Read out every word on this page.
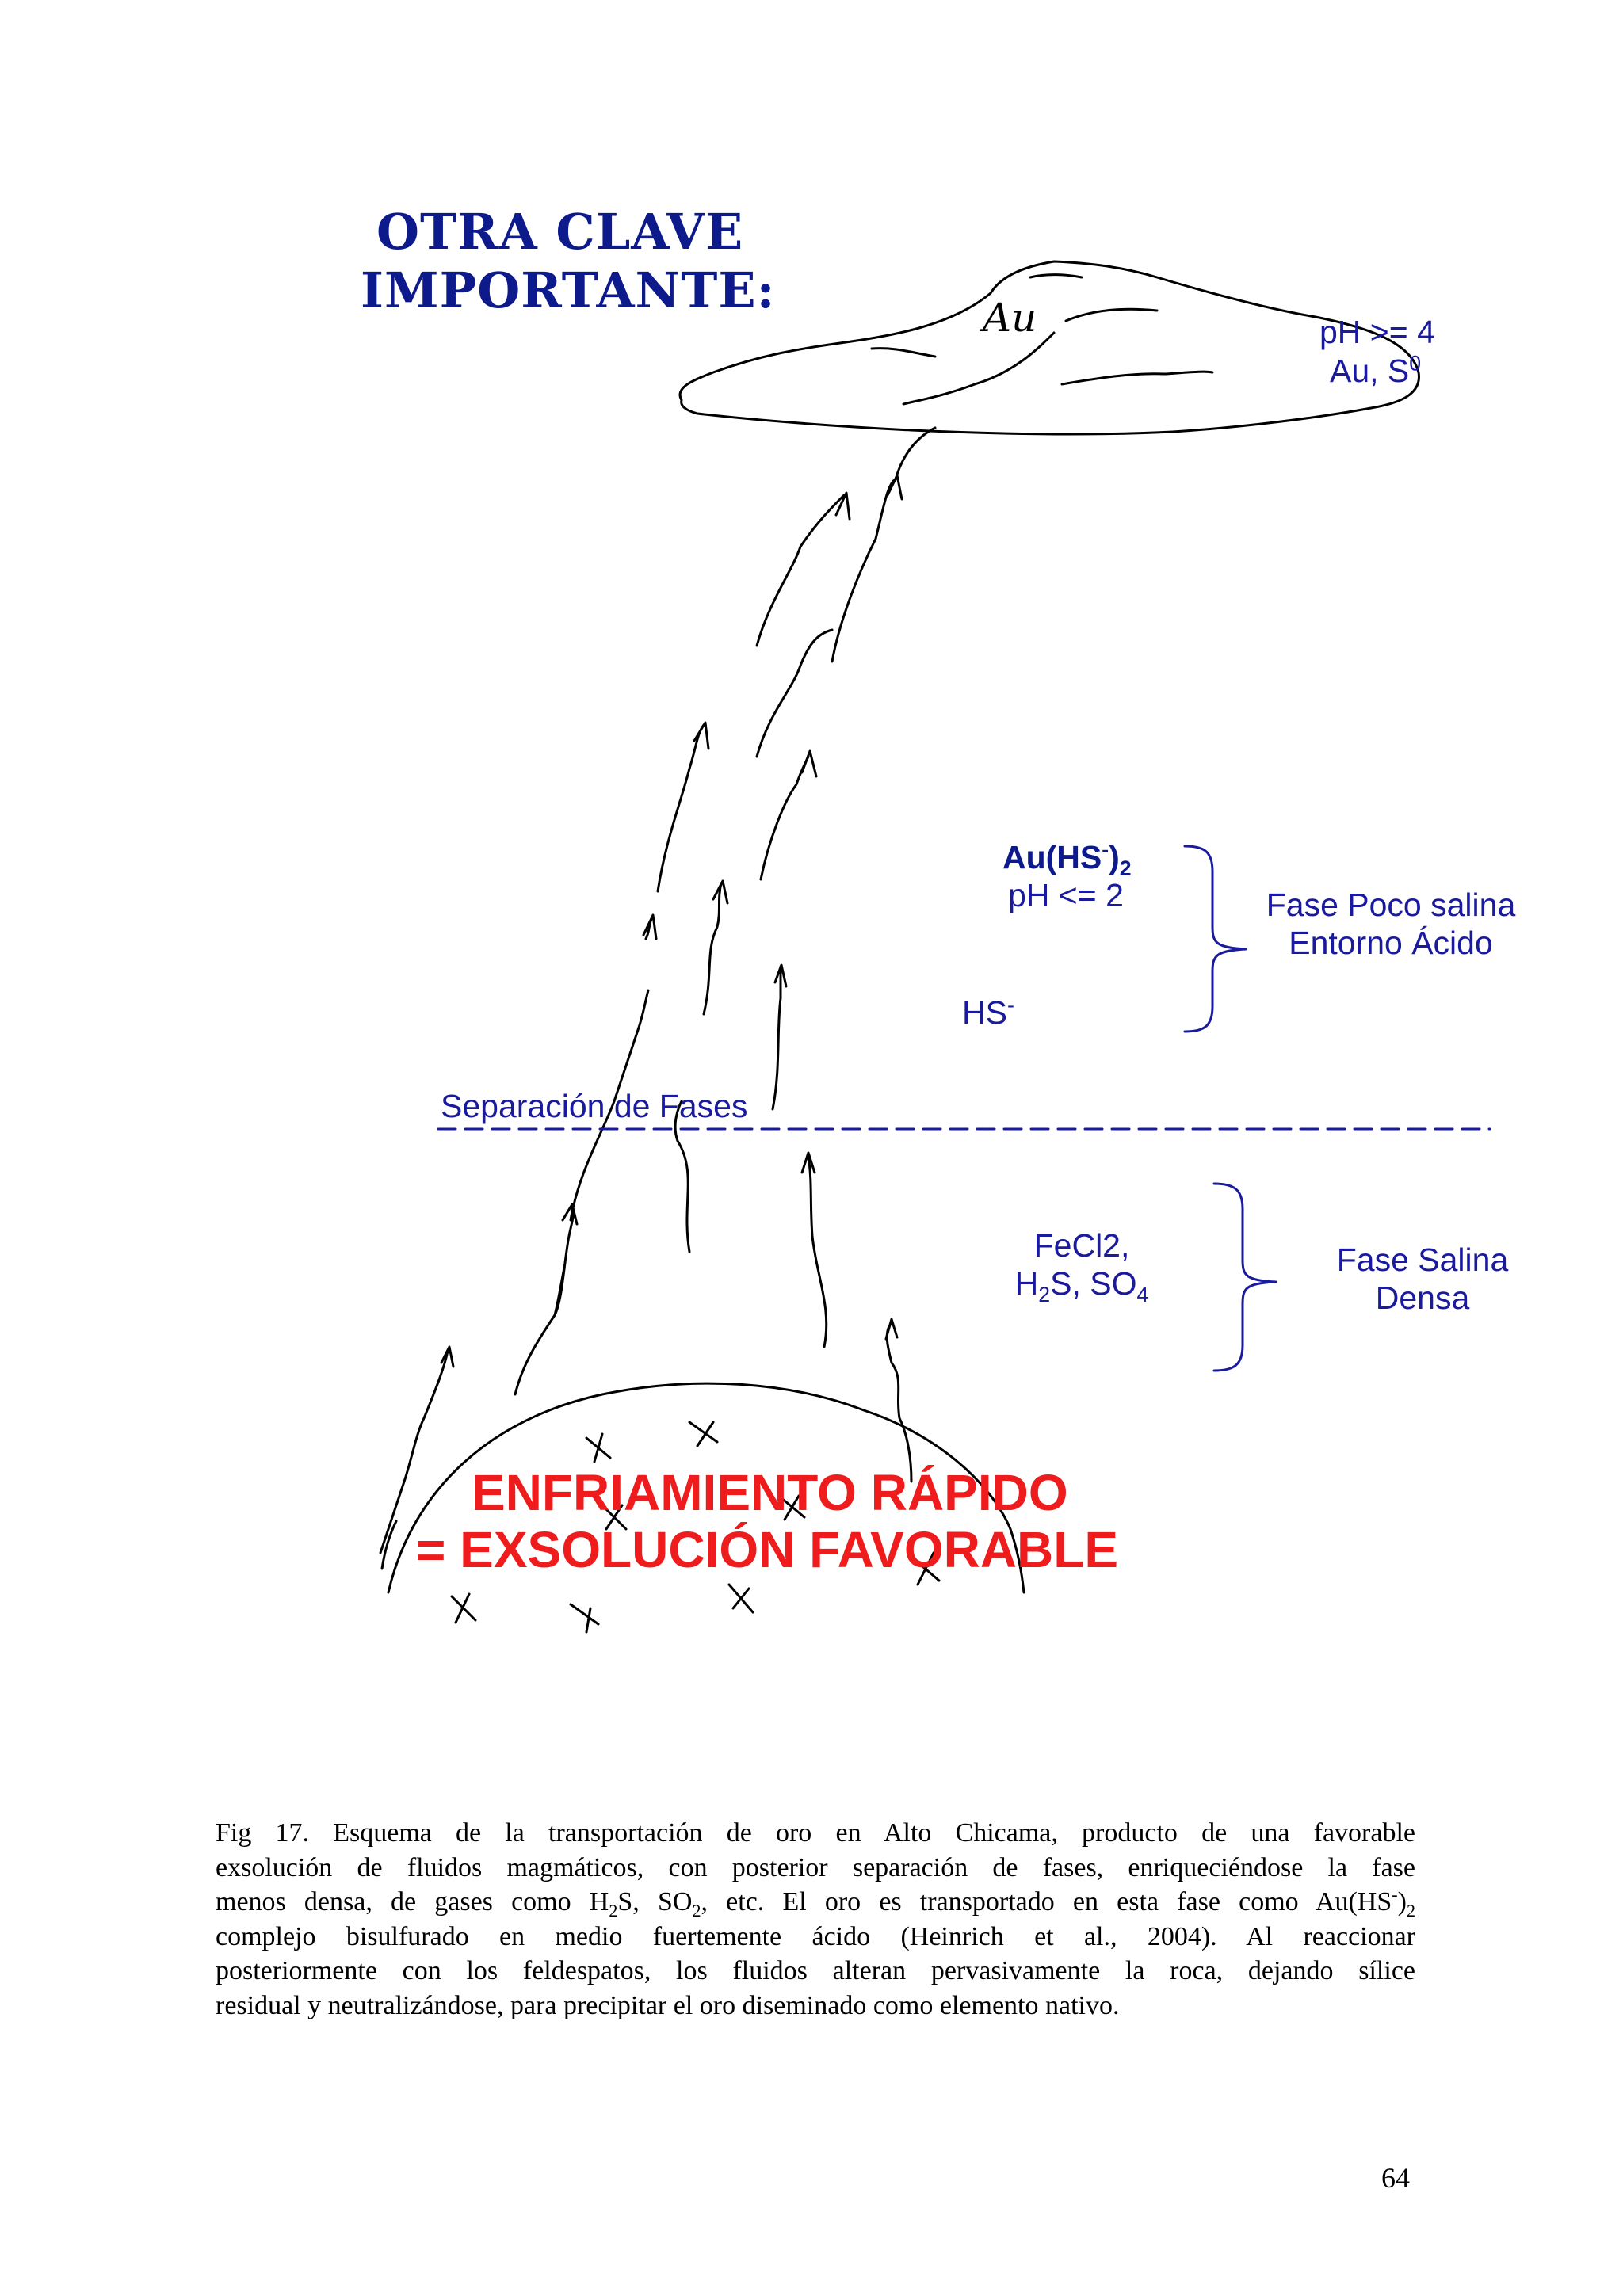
OTRA CLAVE
IMPORTANTE:	Au	pH >= 4
Au, $S^0$
$Au(HS^-)_2$
pH <= 2
HS-
Fase Poco salina
Entorno Ácido
Separación de Fases
FeCl2,
$H_2S$, $SO_4$
Fase Salina
Densa
ENFRIAMIENTO RÁPIDO
= EXSOLUCIÓN FAVORABLE
Fig 17. Esquema de la transportación de oro en Alto Chicama, producto de una favorable
exsolución de fluidos magmáticos, con posterior separación de fases, enriqueciéndose la fase
menos densa, de gases como $H_2S$, $SO_2$, etc. El oro es transportado en esta fase como $Au(HS^-)_2$
complejo bisulfurado en medio fuertemente ácido (Heinrich et al., 2004). Al reaccionar
posteriormente con los feldespatos, los fluidos alteran pervasivamente la roca, dejando sílice
residual y neutralizándose, para precipitar el oro diseminado como elemento nativo.
64
